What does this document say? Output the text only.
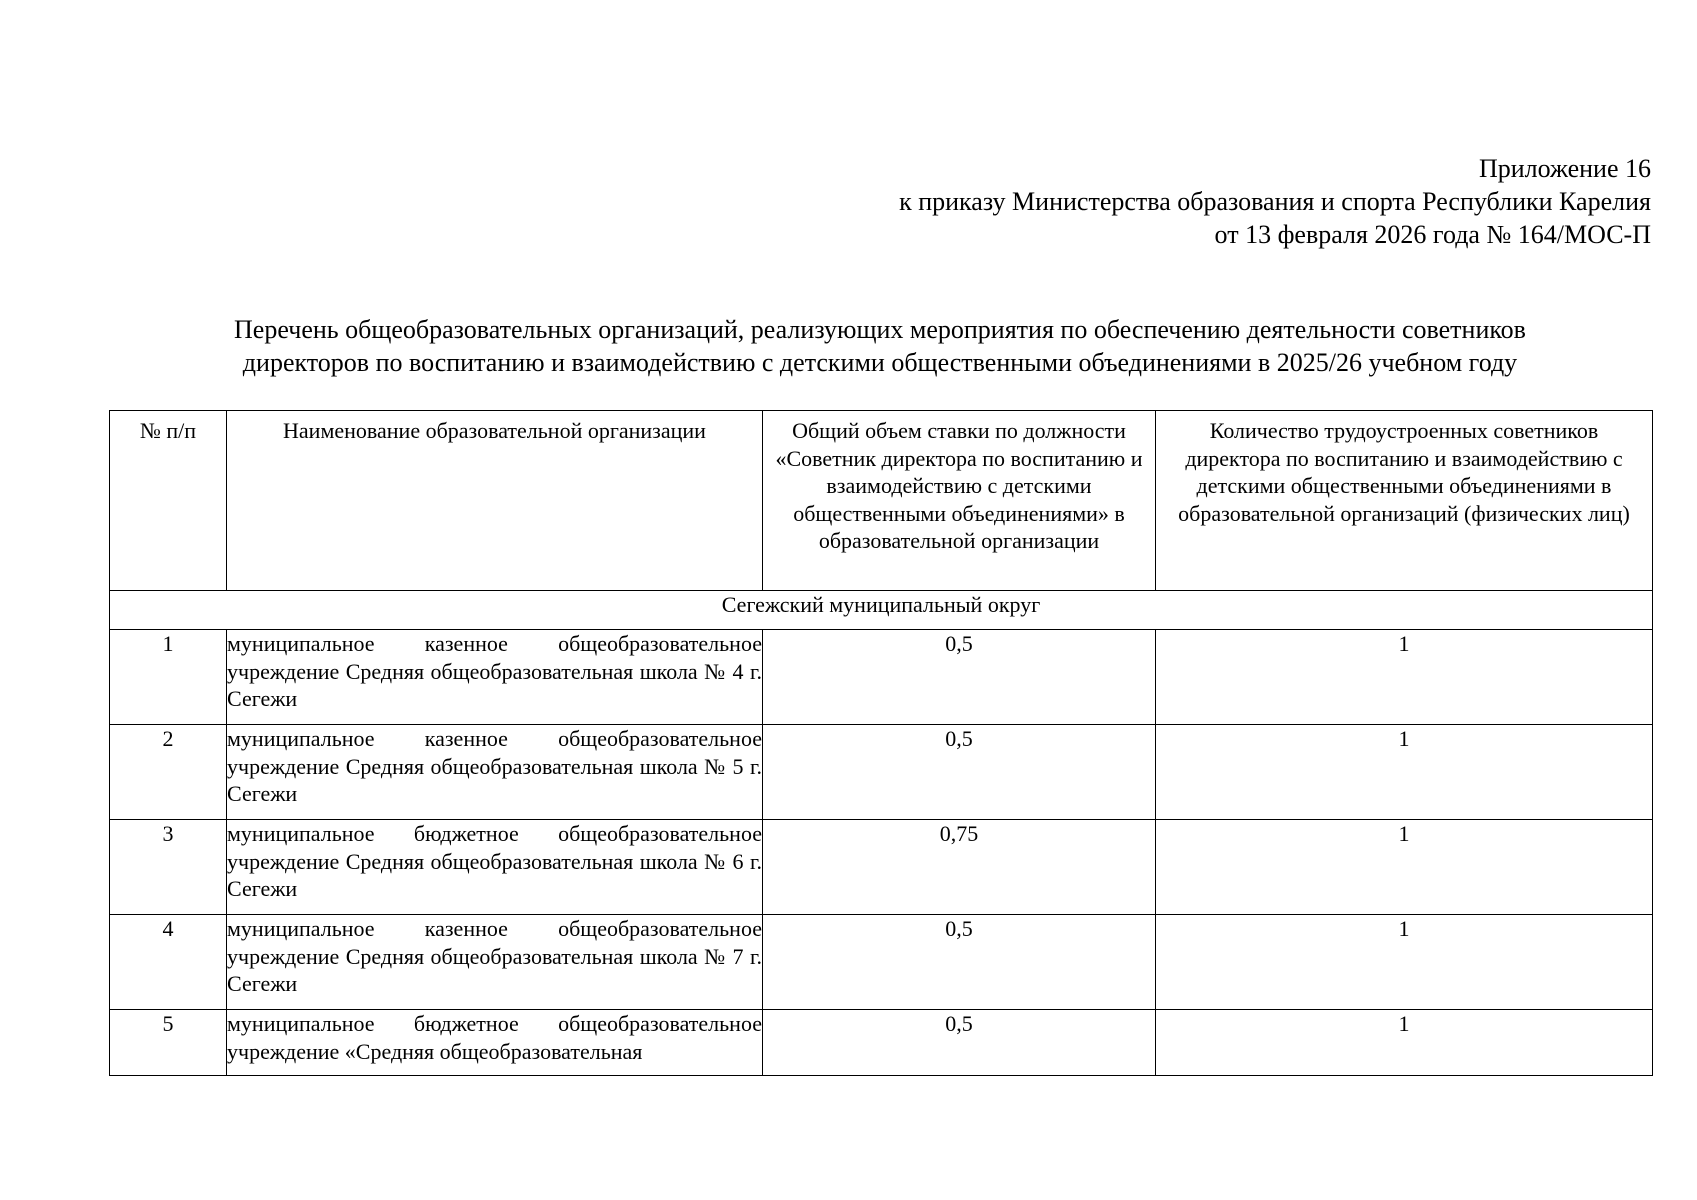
Приложение 16
к приказу Министерства образования и спорта Республики Карелия
от 13 февраля 2026 года № 164/МОС-П
Перечень общеобразовательных организаций, реализующих мероприятия по обеспечению деятельности советников
директоров по воспитанию и взаимодействию с детскими общественными объединениями в 2025/26 учебном году
№ п/п	Наименование образовательной организации	Общий объем ставки по должности «Советник директора по воспитанию и взаимодействию с детскими общественными объединениями» в образовательной организации	Количество трудоустроенных советников директора по воспитанию и взаимодействию с детскими общественными объединениями в образовательной организаций (физических лиц)
Сегежский муниципальный округ			
1	муниципальное казенное общеобразовательное учреждение Средняя общеобразовательная школа № 4 г. Сегежи	0,5	1
2	муниципальное казенное общеобразовательное учреждение Средняя общеобразовательная школа № 5 г. Сегежи	0,5	1
3	муниципальное бюджетное общеобразовательное учреждение Средняя общеобразовательная школа № 6 г. Сегежи	0,75	1
4	муниципальное казенное общеобразовательное учреждение Средняя общеобразовательная школа № 7 г. Сегежи	0,5	1
5	муниципальное бюджетное общеобразовательное учреждение «Средняя общеобразовательная	0,5	1
